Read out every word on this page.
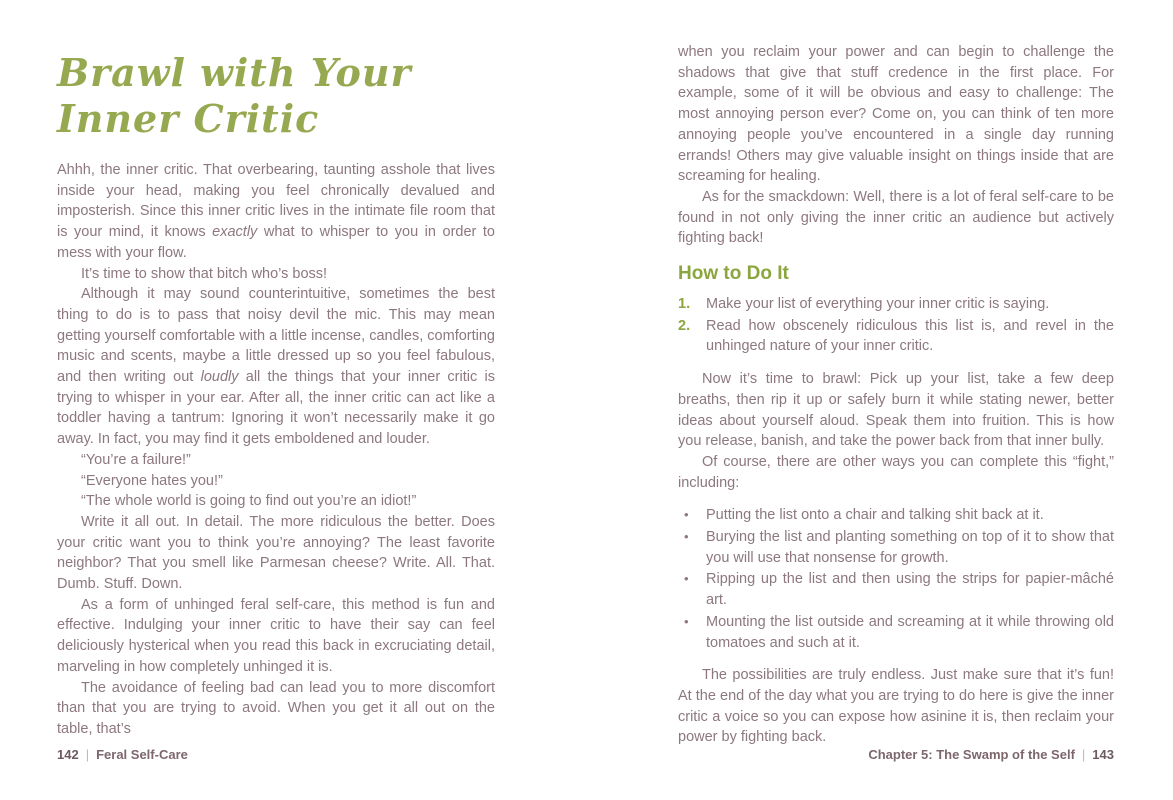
Brawl with Your
Inner Critic

Ahhh, the inner critic. That overbearing, taunting asshole that lives inside your head, making you feel chronically devalued and imposterish. Since this inner critic lives in the intimate file room that is your mind, it knows exactly what to whisper to you in order to mess with your flow.

It’s time to show that bitch who’s boss!

Although it may sound counterintuitive, sometimes the best thing to do is to pass that noisy devil the mic. This may mean getting yourself comfortable with a little incense, candles, comforting music and scents, maybe a little dressed up so you feel fabulous, and then writing out loudly all the things that your inner critic is trying to whisper in your ear. After all, the inner critic can act like a toddler having a tantrum: Ignoring it won’t necessarily make it go away. In fact, you may find it gets emboldened and louder.

“You’re a failure!”

“Everyone hates you!”

“The whole world is going to find out you’re an idiot!”

Write it all out. In detail. The more ridiculous the better. Does your critic want you to think you’re annoying? The least favorite neighbor? That you smell like Parmesan cheese? Write. All. That. Dumb. Stuff. Down.

As a form of unhinged feral self-care, this method is fun and effective. Indulging your inner critic to have their say can feel deliciously hysterical when you read this back in excruciating detail, marveling in how completely unhinged it is.

The avoidance of feeling bad can lead you to more discomfort than that you are trying to avoid. When you get it all out on the table, that’s

when you reclaim your power and can begin to challenge the shadows that give that stuff credence in the first place. For example, some of it will be obvious and easy to challenge: The most annoying person ever? Come on, you can think of ten more annoying people you’ve encountered in a single day running errands! Others may give valuable insight on things inside that are screaming for healing.

As for the smackdown: Well, there is a lot of feral self-care to be found in not only giving the inner critic an audience but actively fighting back!

How to Do It
1.	Make your list of everything your inner critic is saying.
2.	Read how obscenely ridiculous this list is, and revel in the unhinged nature of your inner critic.

Now it’s time to brawl: Pick up your list, take a few deep breaths, then rip it up or safely burn it while stating newer, better ideas about yourself aloud. Speak them into fruition. This is how you release, banish, and take the power back from that inner bully.

Of course, there are other ways you can complete this “fight,” including:

•	Putting the list onto a chair and talking shit back at it.
•	Burying the list and planting something on top of it to show that you will use that nonsense for growth.
•	Ripping up the list and then using the strips for papier-mâché art.
•	Mounting the list outside and screaming at it while throwing old tomatoes and such at it.

The possibilities are truly endless. Just make sure that it’s fun! At the end of the day what you are trying to do here is give the inner critic a voice so you can expose how asinine it is, then reclaim your power by fighting back.

142 | Feral Self-Care	Chapter 5: The Swamp of the Self | 143
